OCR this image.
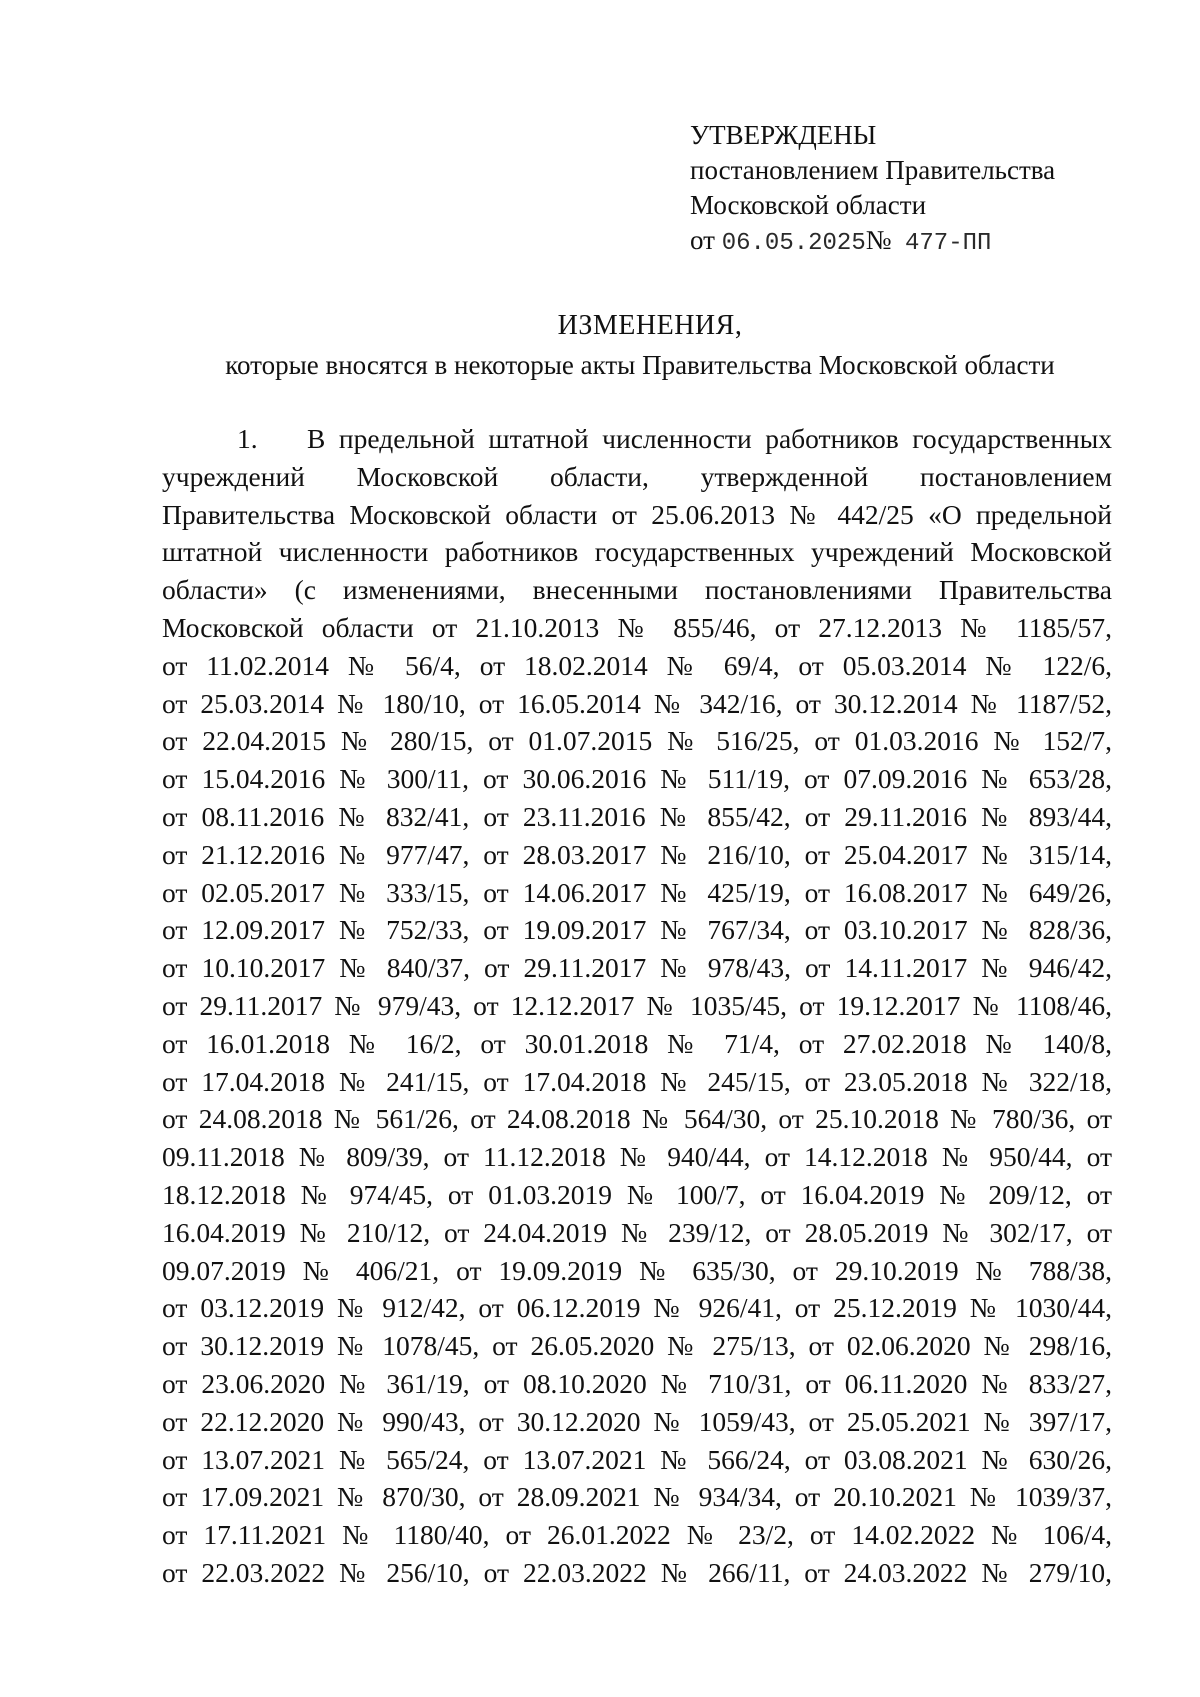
УТВЕРЖДЕНЫ
постановлением Правительства
Московской области
от 06.05.2025№ 477-ПП
ИЗМЕНЕНИЯ,
которые вносятся в некоторые акты Правительства Московской области
1. В предельной штатной численности работников государственных
учреждений Московской области, утвержденной постановлением
Правительства Московской области от 25.06.2013 № 442/25 «О предельной
штатной численности работников государственных учреждений Московской
области» (с изменениями, внесенными постановлениями Правительства
Московской области от 21.10.2013 № 855/46, от 27.12.2013 № 1185/57,
от 11.02.2014 № 56/4, от 18.02.2014 № 69/4, от 05.03.2014 № 122/6,
от 25.03.2014 № 180/10, от 16.05.2014 № 342/16, от 30.12.2014 № 1187/52,
от 22.04.2015 № 280/15, от 01.07.2015 № 516/25, от 01.03.2016 № 152/7,
от 15.04.2016 № 300/11, от 30.06.2016 № 511/19, от 07.09.2016 № 653/28,
от 08.11.2016 № 832/41, от 23.11.2016 № 855/42, от 29.11.2016 № 893/44,
от 21.12.2016 № 977/47, от 28.03.2017 № 216/10, от 25.04.2017 № 315/14,
от 02.05.2017 № 333/15, от 14.06.2017 № 425/19, от 16.08.2017 № 649/26,
от 12.09.2017 № 752/33, от 19.09.2017 № 767/34, от 03.10.2017 № 828/36,
от 10.10.2017 № 840/37, от 29.11.2017 № 978/43, от 14.11.2017 № 946/42,
от 29.11.2017 № 979/43, от 12.12.2017 № 1035/45, от 19.12.2017 № 1108/46,
от 16.01.2018 № 16/2, от 30.01.2018 № 71/4, от 27.02.2018 № 140/8,
от 17.04.2018 № 241/15, от 17.04.2018 № 245/15, от 23.05.2018 № 322/18,
от 24.08.2018 № 561/26, от 24.08.2018 № 564/30, от 25.10.2018 № 780/36, от
09.11.2018 № 809/39, от 11.12.2018 № 940/44, от 14.12.2018 № 950/44, от
18.12.2018 № 974/45, от 01.03.2019 № 100/7, от 16.04.2019 № 209/12, от
16.04.2019 № 210/12, от 24.04.2019 № 239/12, от 28.05.2019 № 302/17, от
09.07.2019 № 406/21, от 19.09.2019 № 635/30, от 29.10.2019 № 788/38,
от 03.12.2019 № 912/42, от 06.12.2019 № 926/41, от 25.12.2019 № 1030/44,
от 30.12.2019 № 1078/45, от 26.05.2020 № 275/13, от 02.06.2020 № 298/16,
от 23.06.2020 № 361/19, от 08.10.2020 № 710/31, от 06.11.2020 № 833/27,
от 22.12.2020 № 990/43, от 30.12.2020 № 1059/43, от 25.05.2021 № 397/17,
от 13.07.2021 № 565/24, от 13.07.2021 № 566/24, от 03.08.2021 № 630/26,
от 17.09.2021 № 870/30, от 28.09.2021 № 934/34, от 20.10.2021 № 1039/37,
от 17.11.2021 № 1180/40, от 26.01.2022 № 23/2, от 14.02.2022 № 106/4,
от 22.03.2022 № 256/10, от 22.03.2022 № 266/11, от 24.03.2022 № 279/10,
